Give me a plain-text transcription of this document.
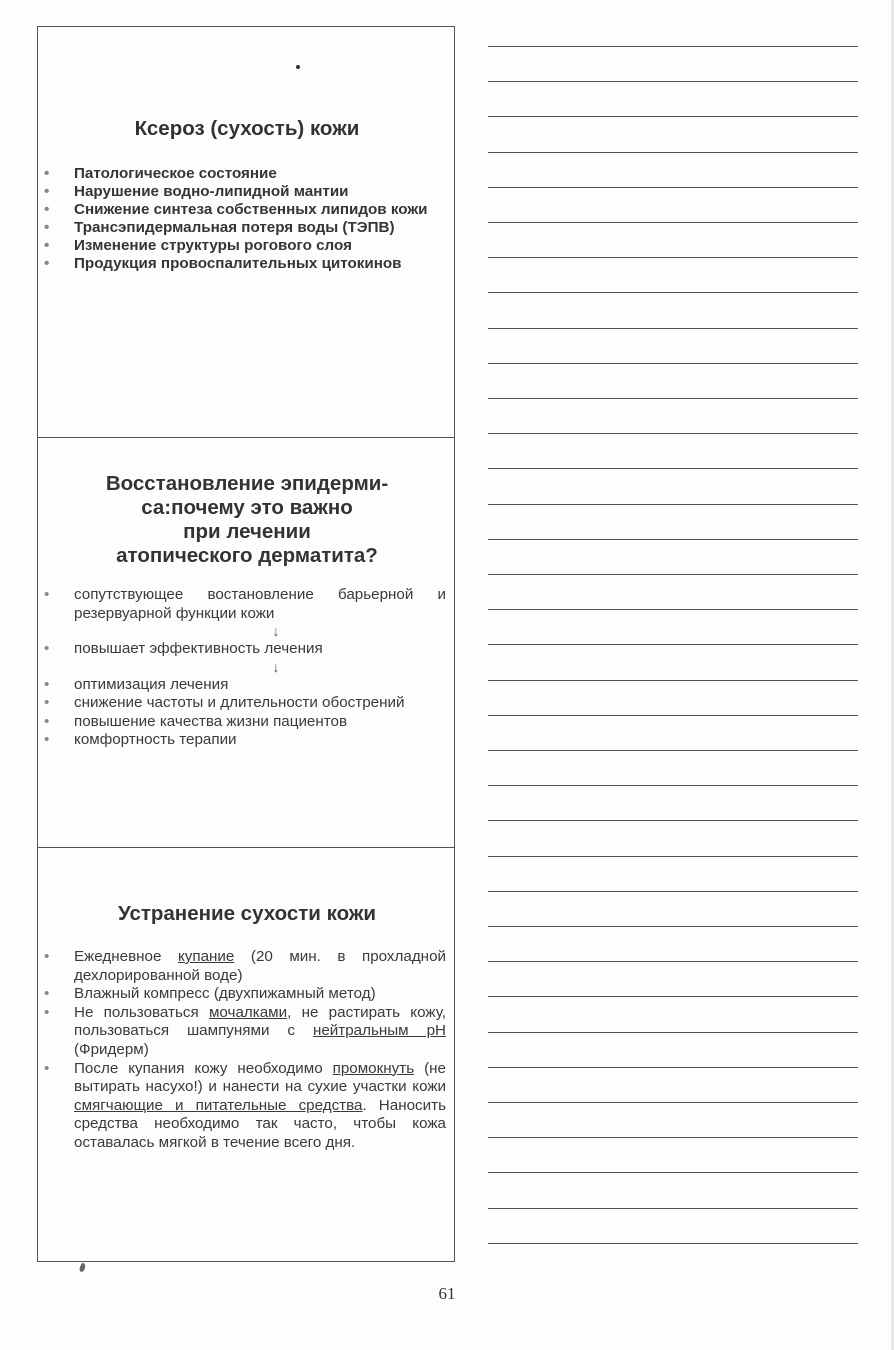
Ксероз (сухость) кожи
• Патологическое состояние
• Нарушение водно-липидной мантии
• Снижение синтеза собственных липидов кожи
• Трансэпидермальная потеря воды (ТЭПВ)
• Изменение структуры рогового слоя
• Продукция провоспалительных цитокинов
Восстановление эпидерми-
са:почему это важно
при лечении
атопического дерматита?
• сопутствующее востановление барьерной и резервуарной функции кожи
↓
• повышает эффективность лечения
↓
• оптимизация лечения
• снижение частоты и длительности обострений
• повышение качества жизни пациентов
• комфортность терапии
Устранение сухости кожи
• Ежедневное купание (20 мин. в прохладной дехлорированной воде)
• Влажный компресс (двухпижамный метод)
• Не пользоваться мочалками, не растирать кожу, пользоваться шампунями с нейтральным pH (Фридерм)
• После купания кожу необходимо промокнуть (не вытирать насухо!) и нанести на сухие участки кожи смягчающие и питательные средства. Наносить средства необходимо так часто, чтобы кожа оставалась мягкой в течение всего дня.
61
